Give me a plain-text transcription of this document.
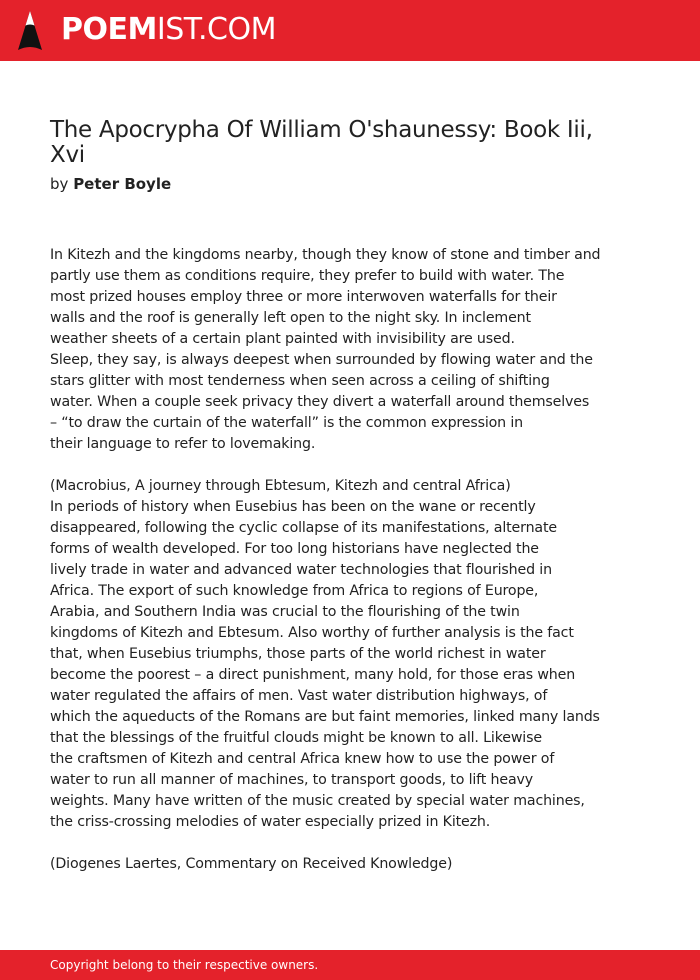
POEMIST.COM
The Apocrypha Of William O'shaunessy: Book Iii, Xvi
by Peter Boyle
In Kitezh and the kingdoms nearby, though they know of stone and timber and
partly use them as conditions require, they prefer to build with water. The
most prized houses employ three or more interwoven waterfalls for their
walls and the roof is generally left open to the night sky. In inclement
weather sheets of a certain plant painted with invisibility are used.
Sleep, they say, is always deepest when surrounded by flowing water and the
stars glitter with most tenderness when seen across a ceiling of shifting
water. When a couple seek privacy they divert a waterfall around themselves
– “to draw the curtain of the waterfall” is the common expression in
their language to refer to lovemaking.
(Macrobius, A journey through Ebtesum, Kitezh and central Africa)
In periods of history when Eusebius has been on the wane or recently
disappeared, following the cyclic collapse of its manifestations, alternate
forms of wealth developed. For too long historians have neglected the
lively trade in water and advanced water technologies that flourished in
Africa. The export of such knowledge from Africa to regions of Europe,
Arabia, and Southern India was crucial to the flourishing of the twin
kingdoms of Kitezh and Ebtesum. Also worthy of further analysis is the fact
that, when Eusebius triumphs, those parts of the world richest in water
become the poorest – a direct punishment, many hold, for those eras when
water regulated the affairs of men. Vast water distribution highways, of
which the aqueducts of the Romans are but faint memories, linked many lands
that the blessings of the fruitful clouds might be known to all. Likewise
the craftsmen of Kitezh and central Africa knew how to use the power of
water to run all manner of machines, to transport goods, to lift heavy
weights. Many have written of the music created by special water machines,
the criss-crossing melodies of water especially prized in Kitezh.
(Diogenes Laertes, Commentary on Received Knowledge)
Copyright belong to their respective owners.
